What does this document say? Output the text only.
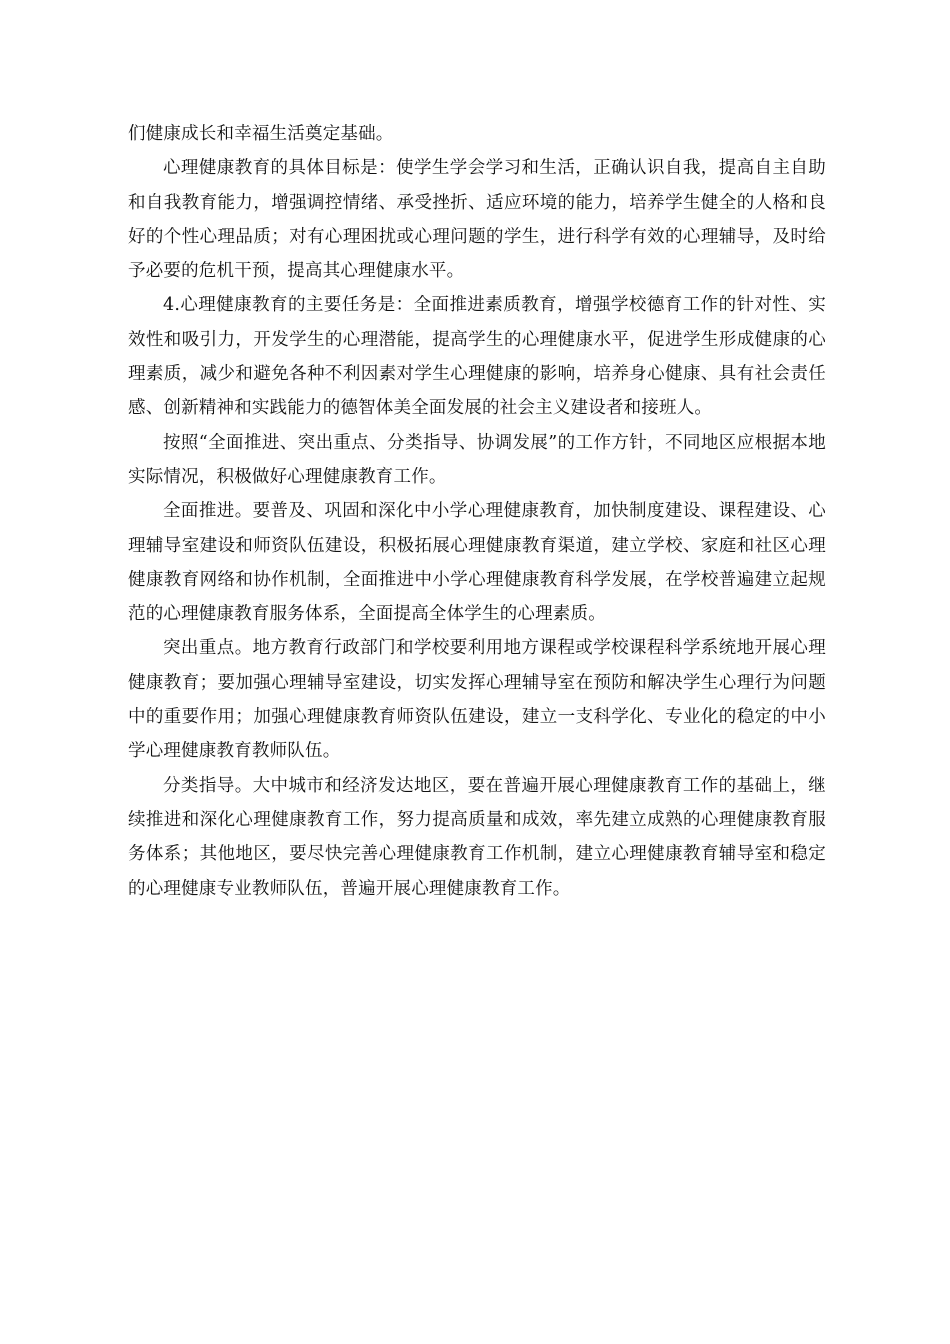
们健康成长和幸福生活奠定基础。

心理健康教育的具体目标是：使学生学会学习和生活，正确认识自我，提高自主自助和自我教育能力，增强调控情绪、承受挫折、适应环境的能力，培养学生健全的人格和良好的个性心理品质；对有心理困扰或心理问题的学生，进行科学有效的心理辅导，及时给予必要的危机干预，提高其心理健康水平。

4.心理健康教育的主要任务是：全面推进素质教育，增强学校德育工作的针对性、实效性和吸引力，开发学生的心理潜能，提高学生的心理健康水平，促进学生形成健康的心理素质，减少和避免各种不利因素对学生心理健康的影响，培养身心健康、具有社会责任感、创新精神和实践能力的德智体美全面发展的社会主义建设者和接班人。

按照“全面推进、突出重点、分类指导、协调发展”的工作方针，不同地区应根据本地实际情况，积极做好心理健康教育工作。

全面推进。要普及、巩固和深化中小学心理健康教育，加快制度建设、课程建设、心理辅导室建设和师资队伍建设，积极拓展心理健康教育渠道，建立学校、家庭和社区心理健康教育网络和协作机制，全面推进中小学心理健康教育科学发展，在学校普遍建立起规范的心理健康教育服务体系，全面提高全体学生的心理素质。

突出重点。地方教育行政部门和学校要利用地方课程或学校课程科学系统地开展心理健康教育；要加强心理辅导室建设，切实发挥心理辅导室在预防和解决学生心理行为问题中的重要作用；加强心理健康教育师资队伍建设，建立一支科学化、专业化的稳定的中小学心理健康教育教师队伍。

分类指导。大中城市和经济发达地区，要在普遍开展心理健康教育工作的基础上，继续推进和深化心理健康教育工作，努力提高质量和成效，率先建立成熟的心理健康教育服务体系；其他地区，要尽快完善心理健康教育工作机制，建立心理健康教育辅导室和稳定的心理健康专业教师队伍，普遍开展心理健康教育工作。
